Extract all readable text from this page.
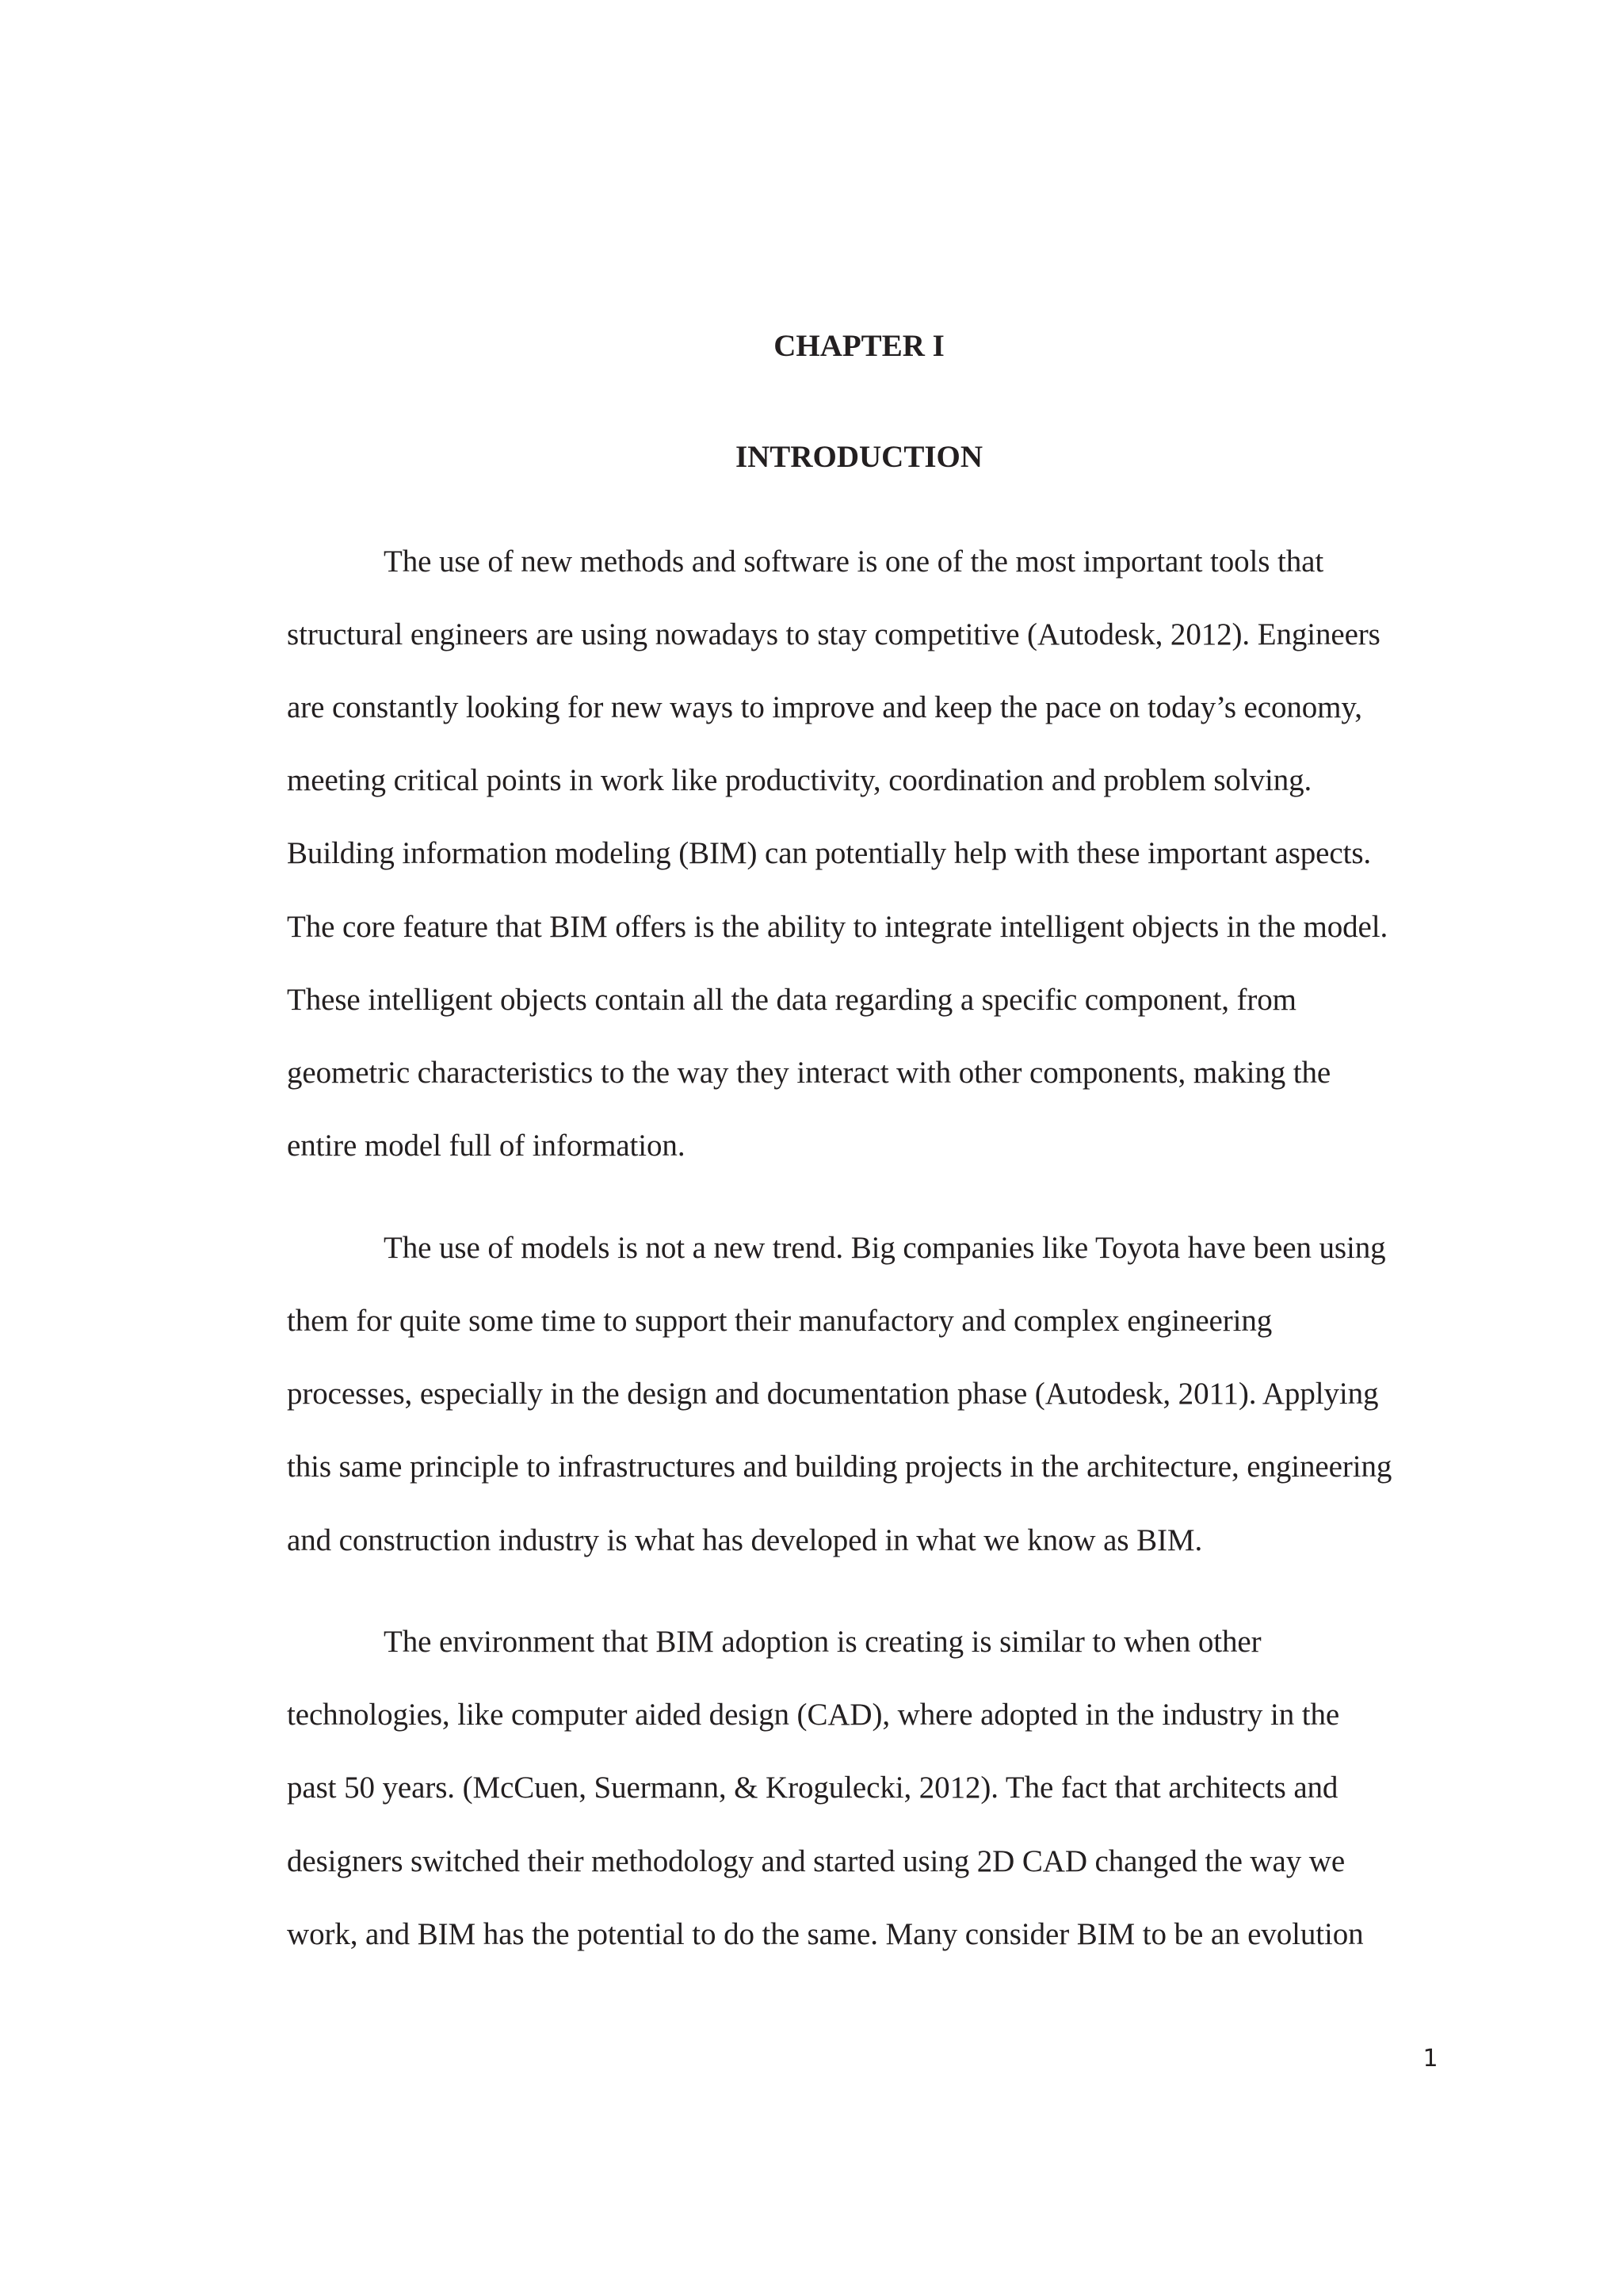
CHAPTER I
INTRODUCTION

The use of new methods and software is one of the most important tools that

structural engineers are using nowadays to stay competitive (Autodesk, 2012). Engineers

are constantly looking for new ways to improve and keep the pace on today’s economy,

meeting critical points in work like productivity, coordination and problem solving.

Building information modeling (BIM) can potentially help with these important aspects.

The core feature that BIM offers is the ability to integrate intelligent objects in the model.

These intelligent objects contain all the data regarding a specific component, from

geometric characteristics to the way they interact with other components, making the

entire model full of information.

The use of models is not a new trend. Big companies like Toyota have been using

them for quite some time to support their manufactory and complex engineering

processes, especially in the design and documentation phase (Autodesk, 2011). Applying

this same principle to infrastructures and building projects in the architecture, engineering

and construction industry is what has developed in what we know as BIM.

The environment that BIM adoption is creating is similar to when other

technologies, like computer aided design (CAD), where adopted in the industry in the

past 50 years. (McCuen, Suermann, & Krogulecki, 2012). The fact that architects and

designers switched their methodology and started using 2D CAD changed the way we

work, and BIM has the potential to do the same. Many consider BIM to be an evolution

1
